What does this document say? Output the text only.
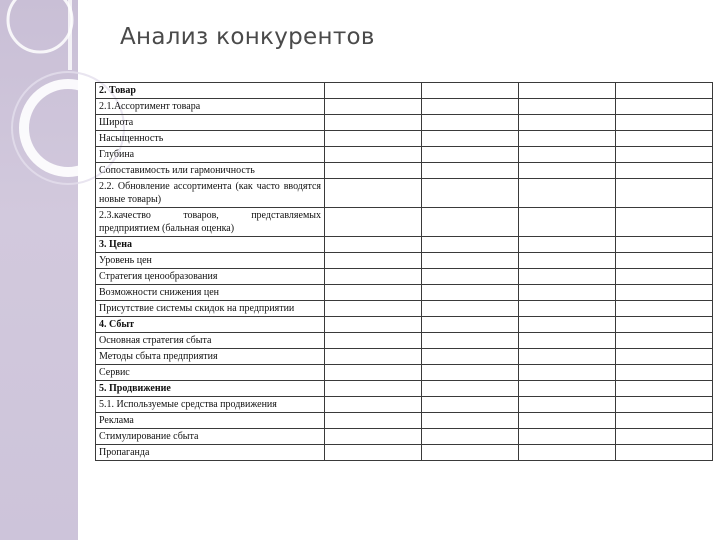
Анализ конкурентов
2. Товар				
2.1.Ассортимент товара				
Широта				
Насыщенность				
Глубина				
Сопоставимость или гармоничность				
2.2. Обновление ассортимента (как часто вводятся новые товары)				
2.3.качество товаров, представляемых предприятием (бальная оценка)				
3. Цена				
Уровень цен				
Стратегия ценообразования				
Возможности снижения цен				
Присутствие системы скидок на предприятии				
4. Сбыт				
Основная стратегия сбыта				
Методы сбыта предприятия				
Сервис				
5. Продвижение				
5.1. Используемые средства продвижения				
Реклама				
Стимулирование сбыта				
Пропаганда				
